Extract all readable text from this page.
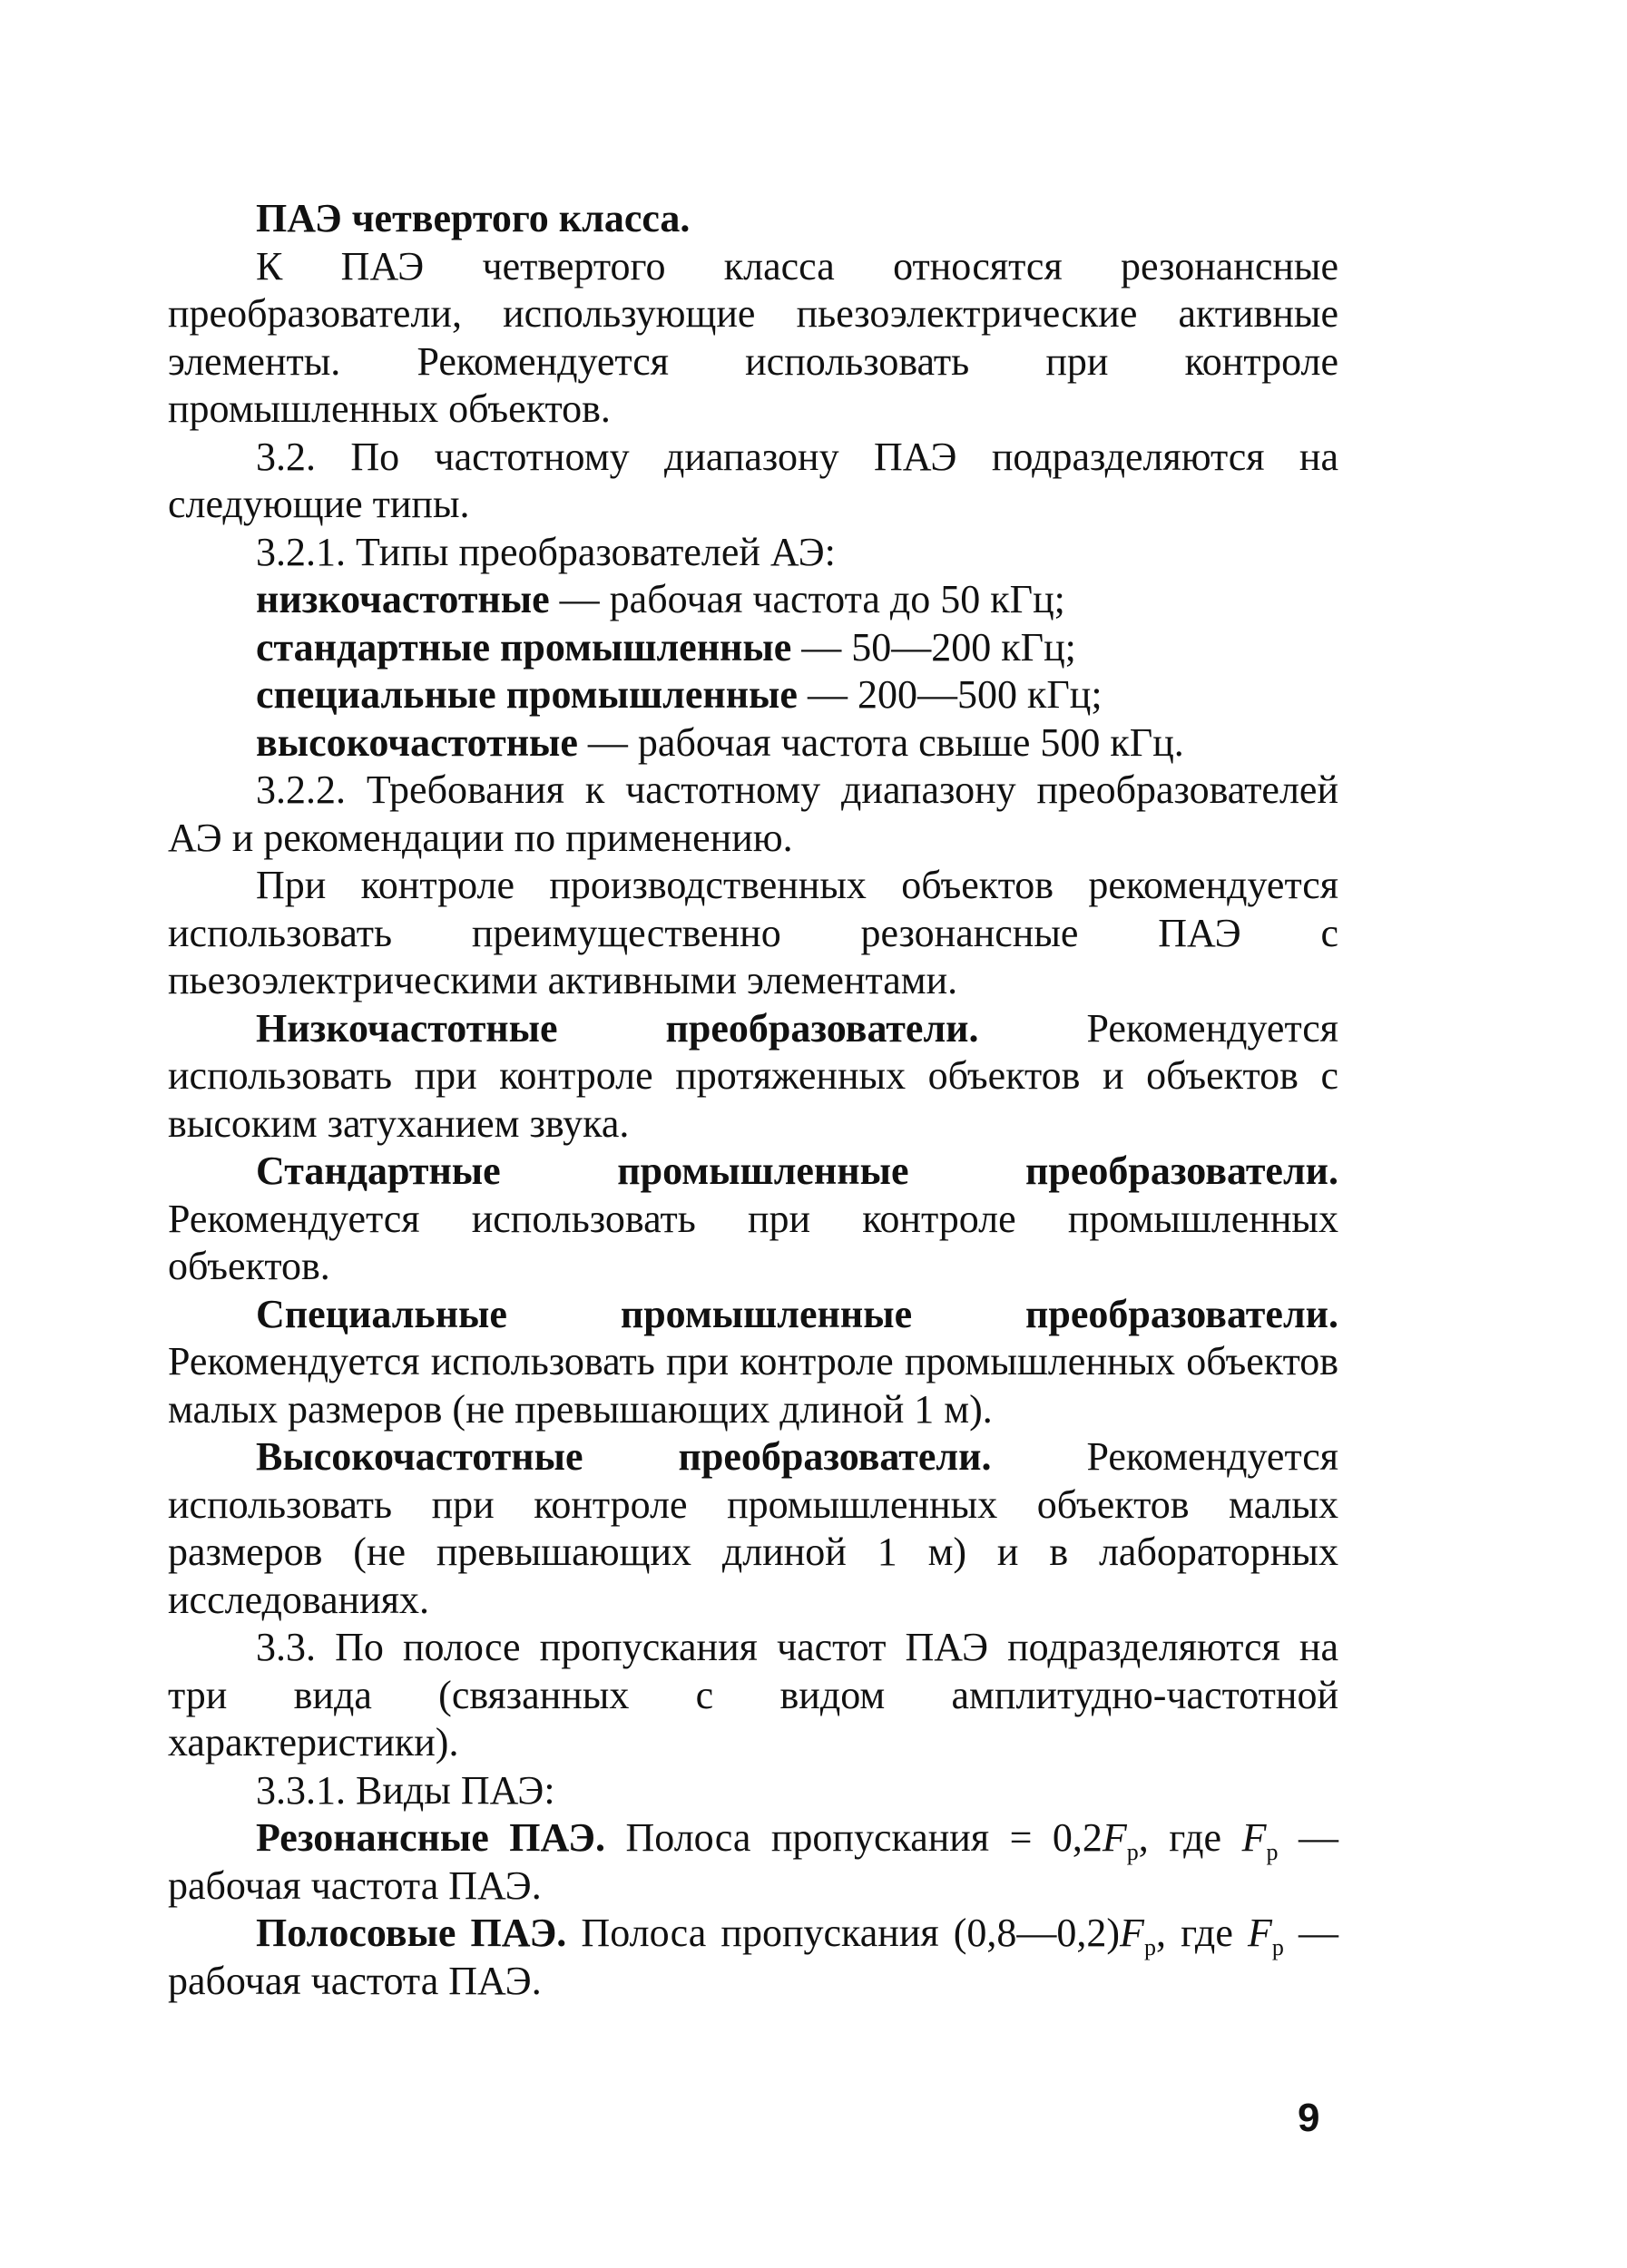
ПАЭ четвертого класса.

К ПАЭ четвертого класса относятся резонансные преобразователи, использующие пьезоэлектрические активные элементы. Рекомендуется использовать при контроле промышленных объектов.

3.2. По частотному диапазону ПАЭ подразделяются на следующие типы.

3.2.1. Типы преобразователей АЭ:

низкочастотные — рабочая частота до 50 кГц;

стандартные промышленные — 50—200 кГц;

специальные промышленные — 200—500 кГц;

высокочастотные — рабочая частота свыше 500 кГц.

3.2.2. Требования к частотному диапазону преобразователей АЭ и рекомендации по применению.

При контроле производственных объектов рекомендуется использовать преимущественно резонансные ПАЭ с пьезоэлектрическими активными элементами.

Низкочастотные преобразователи. Рекомендуется использовать при контроле протяженных объектов и объектов с высоким затуханием звука.

Стандартные промышленные преобразователи. Рекомендуется использовать при контроле промышленных объектов.

Специальные промышленные преобразователи. Рекомендуется использовать при контроле промышленных объектов малых размеров (не превышающих длиной 1 м).

Высокочастотные преобразователи. Рекомендуется использовать при контроле промышленных объектов малых размеров (не превышающих длиной 1 м) и в лабораторных исследованиях.

3.3. По полосе пропускания частот ПАЭ подразделяются на три вида (связанных с видом амплитудно-частотной характеристики).

3.3.1. Виды ПАЭ:

Резонансные ПАЭ. Полоса пропускания = $0,2F_р$, где $F_р$ — рабочая частота ПАЭ.

Полосовые ПАЭ. Полоса пропускания $(0,8—0,2)F_р$, где $F_р$ — рабочая частота ПАЭ.

9
